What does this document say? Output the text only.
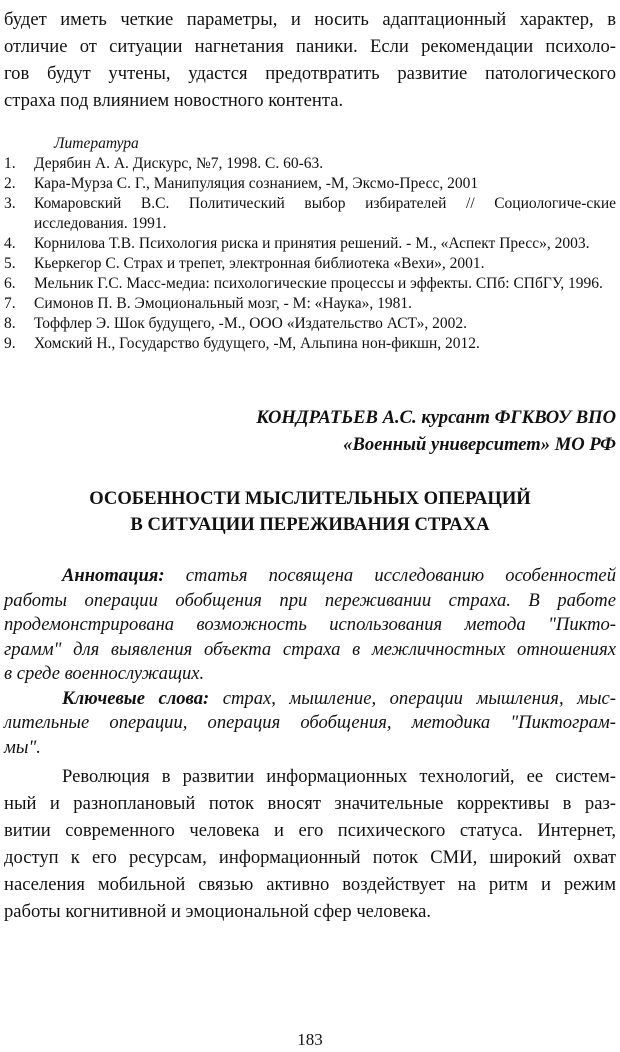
будет иметь четкие параметры, и носить адаптационный характер, в
отличие от ситуации нагнетания паники. Если рекомендации психоло-
гов будут учтены, удастся предотвратить развитие патологического
страха под влиянием новостного контента.
Литература
1. Дерябин А. А. Дискурс, №7, 1998. С. 60-63.
2. Кара-Мурза С. Г., Манипуляция сознанием, -М, Эксмо-Пресс, 2001
3. Комаровский В.С. Политический выбор избирателей // Социологиче-ские исследования. 1991.
4. Корнилова Т.В. Психология риска и принятия решений. - М., «Аспект Пресс», 2003.
5. Кьеркегор С. Страх и трепет, электронная библиотека «Вехи», 2001.
6. Мельник Г.С. Масс-медиа: психологические процессы и эффекты. СПб: СПбГУ, 1996.
7. Симонов П. В. Эмоциональный мозг, - М: «Наука», 1981.
8. Тоффлер Э. Шок будущего, -М., ООО «Издательство АСТ», 2002.
9. Хомский Н., Государство будущего, -М, Альпина нон-фикшн, 2012.
КОНДРАТЬЕВ А.С. курсант ФГКВОУ ВПО
«Военный университет» МО РФ
ОСОБЕННОСТИ МЫСЛИТЕЛЬНЫХ ОПЕРАЦИЙ
В СИТУАЦИИ ПЕРЕЖИВАНИЯ СТРАХА
Аннотация: статья посвящена исследованию особенностей
работы операции обобщения при переживании страха. В работе
продемонстрирована возможность использования метода "Пикто-
грамм" для выявления объекта страха в межличностных отношениях
в среде военнослужащих.
Ключевые слова: страх, мышление, операции мышления, мыс-
лительные операции, операция обобщения, методика "Пиктограм-
мы".
Революция в развитии информационных технологий, ее систем-
ный и разноплановый поток вносят значительные коррективы в раз-
витии современного человека и его психического статуса. Интернет,
доступ к его ресурсам, информационный поток СМИ, широкий охват
населения мобильной связью активно воздействует на ритм и режим
работы когнитивной и эмоциональной сфер человека.
183
